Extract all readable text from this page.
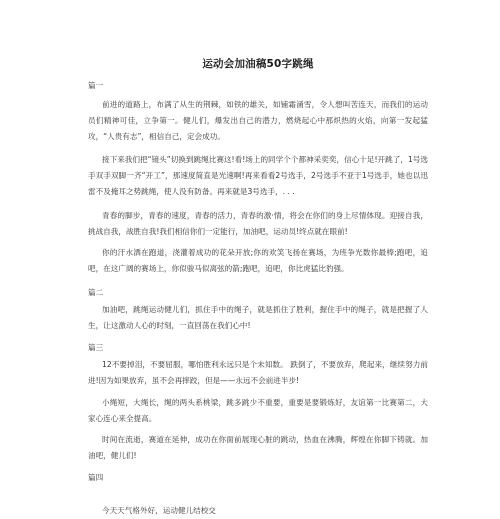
运动会加油稿50字跳绳
篇一

前进的道路上，布满了从生的荆棘，如铁的雄关，如铺霜涌雪，令人想叫苦连天，而我们的运动员们精神可佳，立争第一。健儿们，爆发出自己的潜力，燃烧起心中那炽热的火焰，向第一发起猛攻，“人贵有志”，相信自己，定会成功。

接下来我们把“镜头”切换到跳绳比赛这!看!场上的同学个个都神采奕奕，信心十足!开跳了，1号选手双手双脚一齐“开工”，那速度简直是光速啊!再来看看2号选手，2号选手不亚于1号选手，她也以迅雷不及掩耳之势跳绳，使人没有防备。再来就是3号选手，. . .

青春的脚步，青春的速度，青春的活力，青春的激·情，将会在你们的身上尽情体现。迎接自我，挑战自我，战胜自我!我们相信你们一定能行，加油吧，运动员!终点就在眼前!

你的汗水洒在跑道，浇灌着成功的花朵开放;你的欢笑飞扬在赛场，为班争光数你最棒;跑吧，追吧，在这广阔的赛场上，你似骏马似离弦的箭;跑吧，追吧，你比虎猛比豹强。

篇二

加油吧，跳绳运动健儿们，抓住手中的绳子，就是抓住了胜利，握住手中的绳子，就是把握了人生，让这激动人心的时刻，一直回荡在我们心中!

篇三

12不要掉泪，不要屈服，哪怕胜利永远只是个未知数。 跌倒了，不要放弃，爬起来，继续努力前进!因为如果放弃，虽不会再摔跤，但是——永远不会前进半步!

小绳短，大绳长，绳的两头系桃梁，跳多跳少不重要，重要是要锻炼好，友谊第一比赛第二，大家心连心来全提高。

时间在流逝，赛道在延伸，成功在你面前展现心脏的跳动，热血在沸腾，辉煌在你脚下铸就。加油吧，健儿们!

篇四

今天天气格外好，运动健儿结校交
